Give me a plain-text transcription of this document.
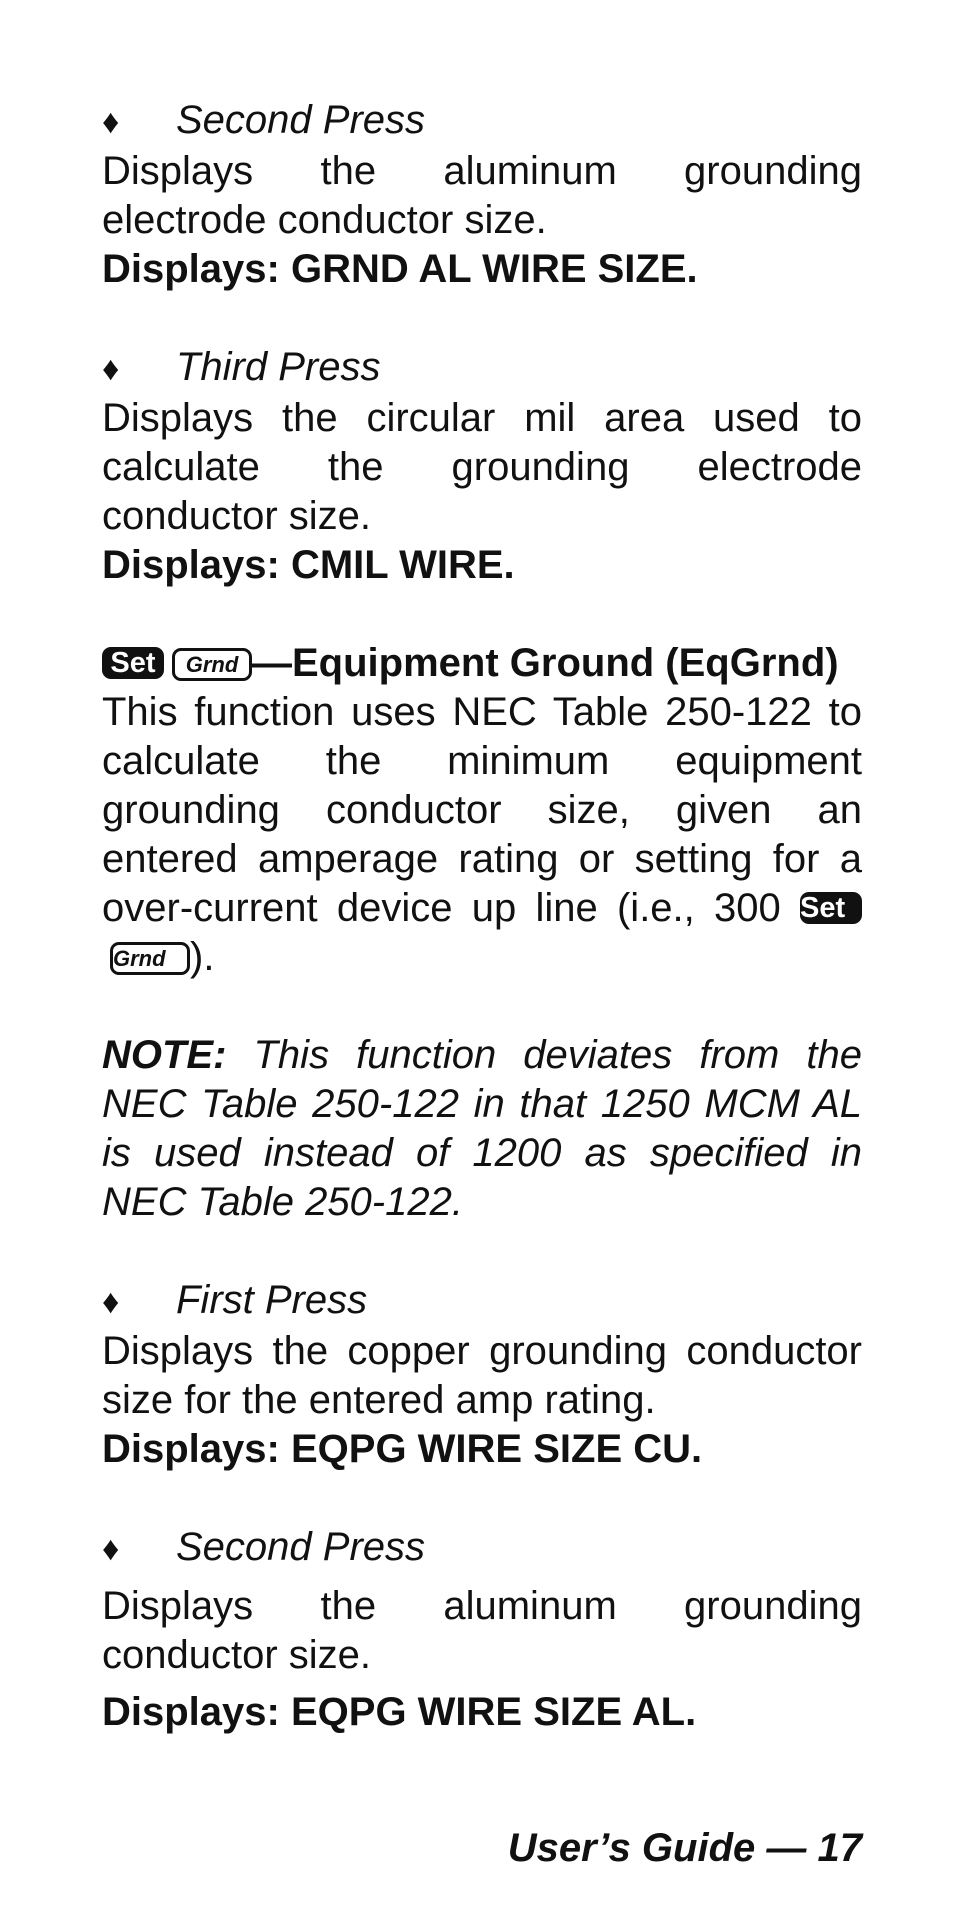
♦	Second Press

Displays the aluminum grounding electrode conductor size.

Displays: GRND AL WIRE SIZE.

♦	Third Press

Displays the circular mil area used to calculate the grounding electrode conductor size.

Displays: CMIL WIRE.

Set Grnd —Equipment Ground (EqGrnd)

This function uses NEC Table 250-122 to calculate the minimum equipment grounding conductor size, given an entered amperage rating or setting for a over-current device up line (i.e., 300 SetGrnd ).

NOTE: This function deviates from the NEC Table 250-122 in that 1250 MCM AL is used instead of 1200 as specified in NEC Table 250-122.

♦	First Press

Displays the copper grounding conductor size for the entered amp rating.

Displays: EQPG WIRE SIZE CU.

♦	Second Press

Displays the aluminum grounding conductor size.

Displays: EQPG WIRE SIZE AL.

User’s Guide — 17
